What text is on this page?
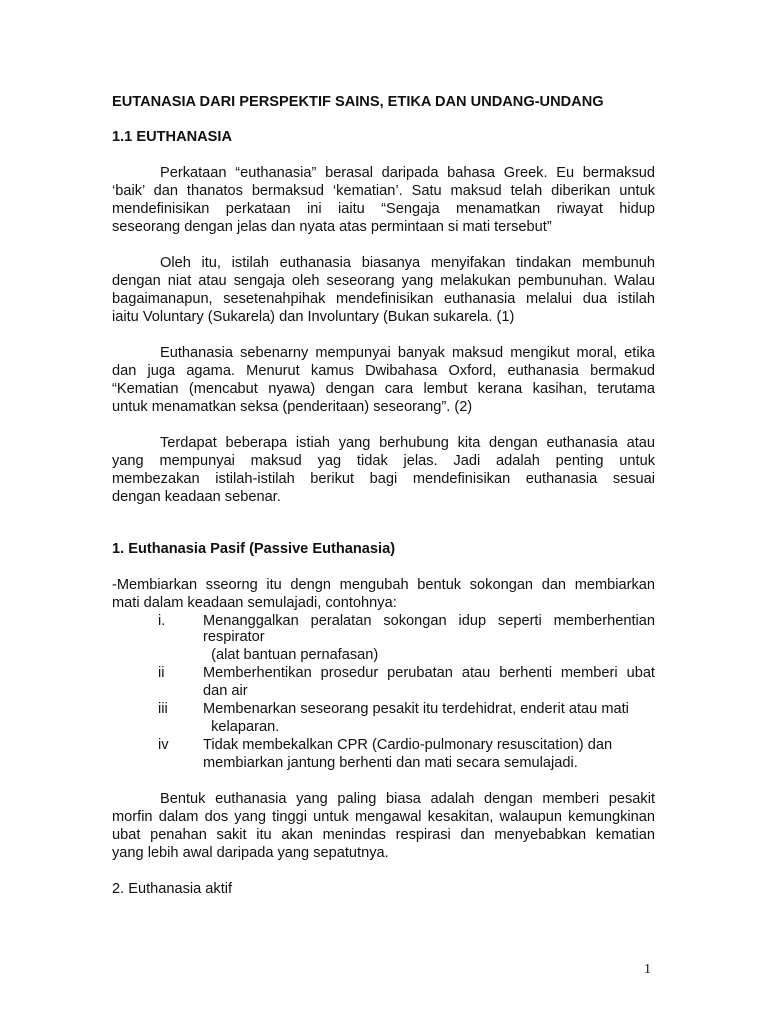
EUTANASIA DARI PERSPEKTIF SAINS, ETIKA DAN UNDANG-UNDANG
1.1 EUTHANASIA
Perkataan “euthanasia” berasal daripada bahasa Greek. Eu bermaksud
‘baik’ dan thanatos bermaksud ‘kematian’. Satu maksud telah diberikan untuk
mendefinisikan perkataan ini iaitu “Sengaja menamatkan riwayat hidup
seseorang dengan jelas dan nyata atas permintaan si mati tersebut”
Oleh itu, istilah euthanasia biasanya menyifakan tindakan membunuh
dengan niat atau sengaja oleh seseorang yang melakukan pembunuhan. Walau
bagaimanapun, sesetenahpihak mendefinisikan euthanasia melalui dua istilah
iaitu Voluntary (Sukarela) dan Involuntary (Bukan sukarela. (1)
Euthanasia sebenarny mempunyai banyak maksud mengikut moral, etika
dan juga agama. Menurut kamus Dwibahasa Oxford, euthanasia bermakud
“Kematian (mencabut nyawa) dengan cara lembut kerana kasihan, terutama
untuk menamatkan seksa (penderitaan) seseorang”. (2)
Terdapat beberapa istiah yang berhubung kita dengan euthanasia atau
yang mempunyai maksud yag tidak jelas. Jadi adalah penting untuk
membezakan istilah-istilah berikut bagi mendefinisikan euthanasia sesuai
dengan keadaan sebenar.
1. Euthanasia Pasif (Passive Euthanasia)
-Membiarkan sseorng itu dengn mengubah bentuk sokongan dan membiarkan
mati dalam keadaan semulajadi, contohnya:
i.	Menanggalkan peralatan sokongan idup seperti memberhentian
respirator
(alat bantuan pernafasan)
ii	Memberhentikan prosedur perubatan atau berhenti memberi ubat
dan air
iii Membenarkan seseorang pesakit itu terdehidrat, enderit atau mati
kelaparan.
iv Tidak membekalkan CPR (Cardio-pulmonary resuscitation) dan
membiarkan jantung berhenti dan mati secara semulajadi.
Bentuk euthanasia yang paling biasa adalah dengan memberi pesakit
morfin dalam dos yang tinggi untuk mengawal kesakitan, walaupun kemungkinan
ubat penahan sakit itu akan menindas respirasi dan menyebabkan kematian
yang lebih awal daripada yang sepatutnya.
2. Euthanasia aktif
1
